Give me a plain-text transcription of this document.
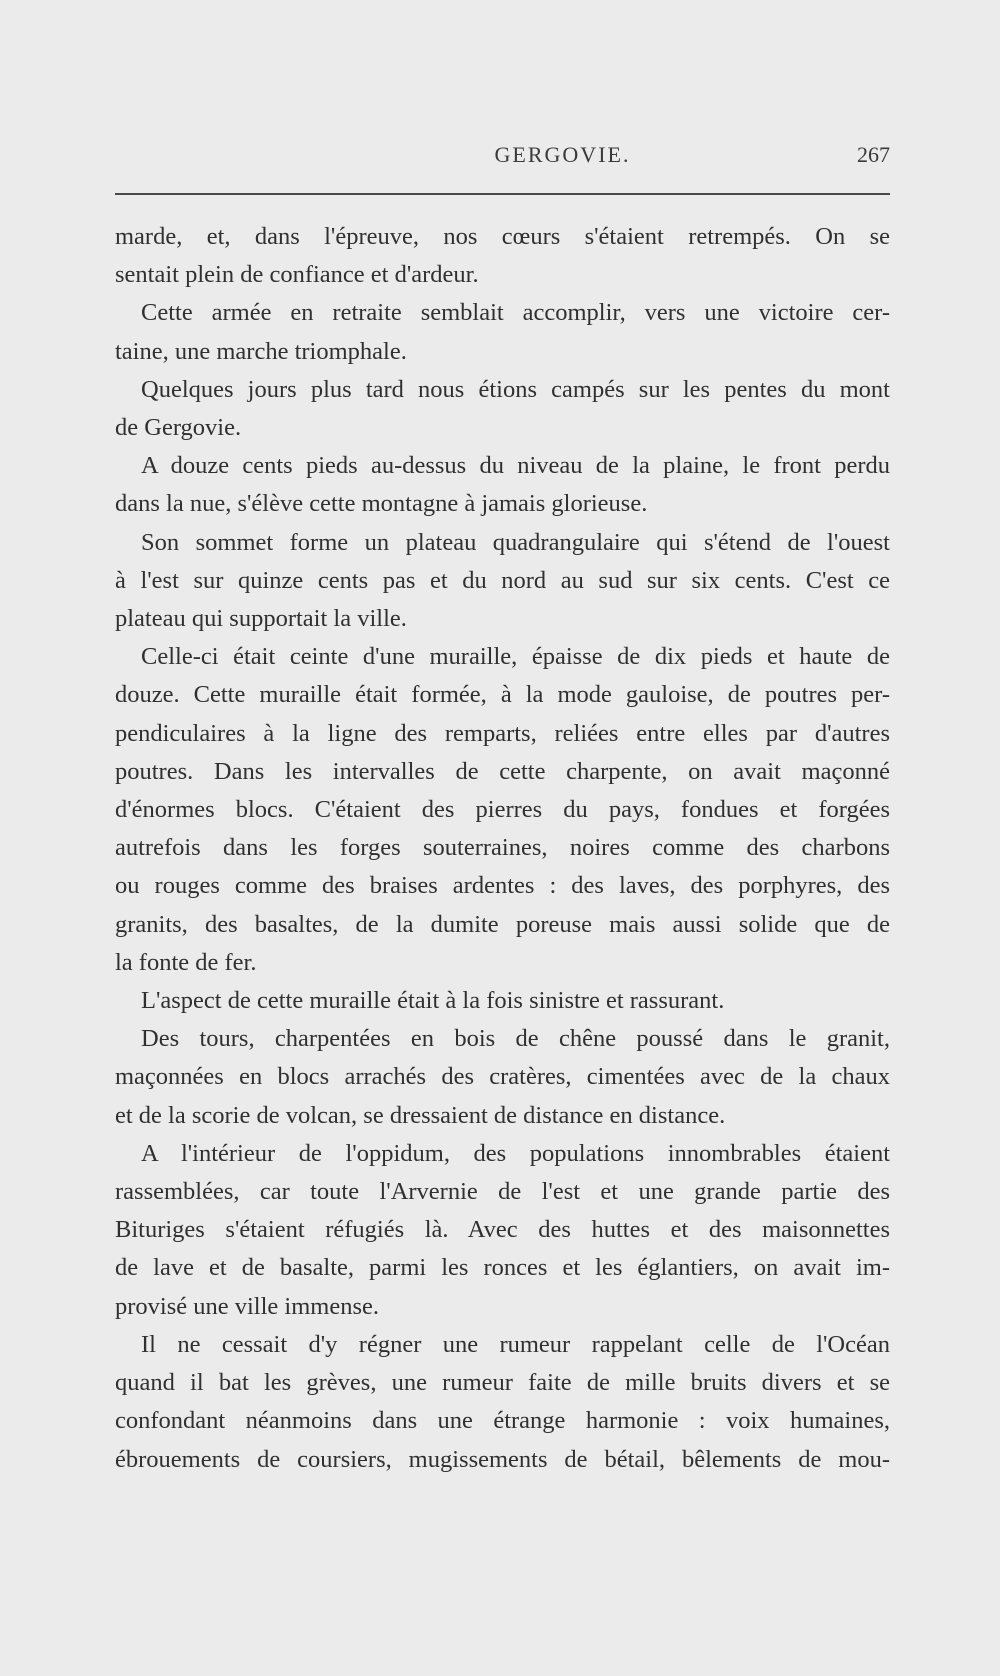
GERGOVIE.	267

marde, et, dans l'épreuve, nos cœurs s'étaient retrempés. On se
sentait plein de confiance et d'ardeur.

Cette armée en retraite semblait accomplir, vers une victoire cer-
taine, une marche triomphale.

Quelques jours plus tard nous étions campés sur les pentes du mont
de Gergovie.

A douze cents pieds au-dessus du niveau de la plaine, le front perdu
dans la nue, s'élève cette montagne à jamais glorieuse.

Son sommet forme un plateau quadrangulaire qui s'étend de l'ouest
à l'est sur quinze cents pas et du nord au sud sur six cents. C'est ce
plateau qui supportait la ville.

Celle-ci était ceinte d'une muraille, épaisse de dix pieds et haute de
douze. Cette muraille était formée, à la mode gauloise, de poutres per-
pendiculaires à la ligne des remparts, reliées entre elles par d'autres
poutres. Dans les intervalles de cette charpente, on avait maçonné
d'énormes blocs. C'étaient des pierres du pays, fondues et forgées
autrefois dans les forges souterraines, noires comme des charbons
ou rouges comme des braises ardentes : des laves, des porphyres, des
granits, des basaltes, de la dumite poreuse mais aussi solide que de
la fonte de fer.

L'aspect de cette muraille était à la fois sinistre et rassurant.

Des tours, charpentées en bois de chêne poussé dans le granit,
maçonnées en blocs arrachés des cratères, cimentées avec de la chaux
et de la scorie de volcan, se dressaient de distance en distance.

A l'intérieur de l'oppidum, des populations innombrables étaient
rassemblées, car toute l'Arvernie de l'est et une grande partie des
Bituriges s'étaient réfugiés là. Avec des huttes et des maisonnettes
de lave et de basalte, parmi les ronces et les églantiers, on avait im-
provisé une ville immense.

Il ne cessait d'y régner une rumeur rappelant celle de l'Océan
quand il bat les grèves, une rumeur faite de mille bruits divers et se
confondant néanmoins dans une étrange harmonie : voix humaines,
ébrouements de coursiers, mugissements de bétail, bêlements de mou-
